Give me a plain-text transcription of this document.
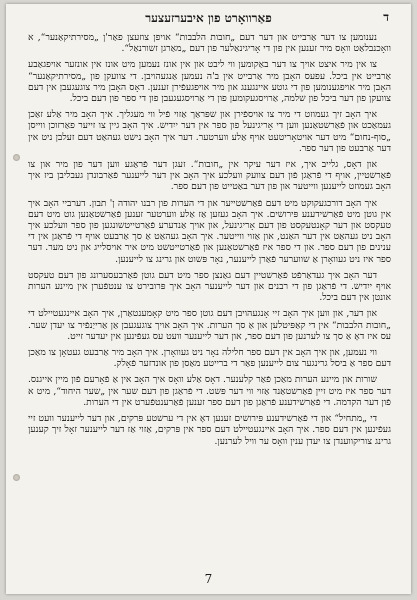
פאַרוואָרט פון איבערזעצער	ד

נענומען צו דער אַרבייט און דער דעם „חובות הלבבות“ אויפן צוזעצן פאַר'ן „מסירתיקאַנער“, א וואָכנבלאַט וואָס מיר זענען אין פון די אָריגינאַלער פון דעם „מאַרגן זשורנאַל“.

צו אין מיר איצט אויך צו דער באַקומען ווי ליבט און אין אונז נעמען מיט אונז אין אונזער אויפגאַבע אַרבייט אין ביכל. עפעס האָבן מיר אַרבייט אין ב'ה נעמען אַנגעהויבן. די צוועקן פון „מסירתיקאַנער“ האָבן מיר אויפגענומען פון די גוטע איינגענג און מיר אויפגעפֿירן זענען. דאָס האָבן מיר צוגעגעבן אין דעם צוועקן פון דער ביכל פון שלמה, אַרויסגעקומען פון די אַרויסגעגעבן פון די ספר פון דעם ביכל.

איך האָב זיך געמוזט די מיר צו אויספֿירן און שפּראַך אַזוי פֿיל ווי מעגליך. איך האָב מיר אַלע זאַכן געמאַכט און פֿאַרשטאַנען ווען די אָריגינעל פון ספר אין דער ייִדיש. איך האָב גיין צו זייער פאַרזוכן ווייסן „סוף-נחום“ מיט דער אויטאָריטעט אויף אַלע ווערטער. דער איך האָב נישט געהאַט דעם זעלבן ניט אין דער אַרבעט פון דער ספר.

און דאָס, גלייב איך, איז דער עיקר אין „חובות“. זעגן דער פֿראַגע ווען דער פון מיר און צו פֿאַרשטיין, אויף די פֿראַגן פֿון דעם צוועק וועלכע איך האָב אין דער לייענער פֿאַרבונדן געבליבן ביז איך האָב געמוזט לייענען ווייטער און פון דער באַטייט פון דעם ספר.

איך האָב דורכגעקוקט מיט דעם פֿאַרשטייער און די הערות פון רבנו יהודה ן' תבון. דערביי האָב איך אין גוטן מיט פֿאַרשידענע פּירושים. איך האָב געזען אַז אַלע ווערטער זענען פֿאַרשטאַנען גוט מיט דעם טעקסט און דער קאָנטעקסט פון דעם אָריגינעל, און אויך אַנדערע פֿאַרטייטשונגען פון ספר וועלכע איך האָב ניט געהאַט אין דער האַנט, און אַזוי ווייטער. איך האָב געהאַט אַ סך אַרבעט אויף די פֿראַגן אין די ענינים פון דעם ספר. און די ספר איז פֿאַרשטאַנען און פֿאַרטייטשט מיט איר אויסלייג און ניט מער. דער ספר איז ניט געוואָרן אַ שווערער פֿאַרן לייענער, נאָר פּשוט און גרינג צו לייענען.

דער האָב איך געדאַרפֿט פֿאַרשטיין דעם גאַנצן ספר מיט דעם גוטן פֿאַרבעסערונג פון דעם טעקסט אויף ייִדיש. די פֿראַגן פון די רבנים און דער לייענער האָב איך פּרובירט צו ענטפֿערן אין מיינע הערות אונטן אין דעם ביכל.

און דער, און ווען איך האָב זיי אָנגעהויבן דעם גוטן ספר מיט קאָמענטאַרן, איך האָב איינגעטיילט די „חובות הלבבות“ אין די קאַפּיטלען און אַ סך הערות. איך האָב אויך צוגעגעבן אַן אַרייַנפֿיר צו יעדן שער. עס איז דאָ אַ סך צו לערנען פון דעם ספר, און דער לייענער וועט עס געפֿינען אין יעדער זייט.

ווי נעמען, און איך האָב אין דעם ספר חלילה נאָר ניט געוואָרן. איך האָב מיר אַרבעט געטאָן צו מאַכן דעם ספר אַ ביסל גרינגער צום לייענען פאַר די ברייטע מאַסן פון אונדזער פֿאָלק.

שורות און מיינע הערות מאַכן פֿאַר קלענער. דאָס אַלע וואָס איך האָב אין אַ פֿאָרעם פֿון מיין אייגנס. דער ספר איז מיט זיין פֿאַרשטאַנד אַזוי ווי דער פּשט. די פֿראַגן פון דעם שער אין „שער היחוד“, מיט א פֿון דער הקדמה. די פֿאַרשידענע פֿראַגן פון דעם ספר זענען פֿאַרענטפֿערט אין די הערות.

די „מתחיל“ און די פֿאַרשידענע פּירושים זענען דאָ אין די ערשטע פּרקים, און דער לייענער וועט זיי געפֿינען אין דעם ספר. איך האָב איינגעטיילט דעם ספר אין פּרקים, אַזוי אַז דער לייענער זאָל זיך קענען גרינג צוריקווענדן צו יעדן ענין וואָס ער וויל לערנען.

7
